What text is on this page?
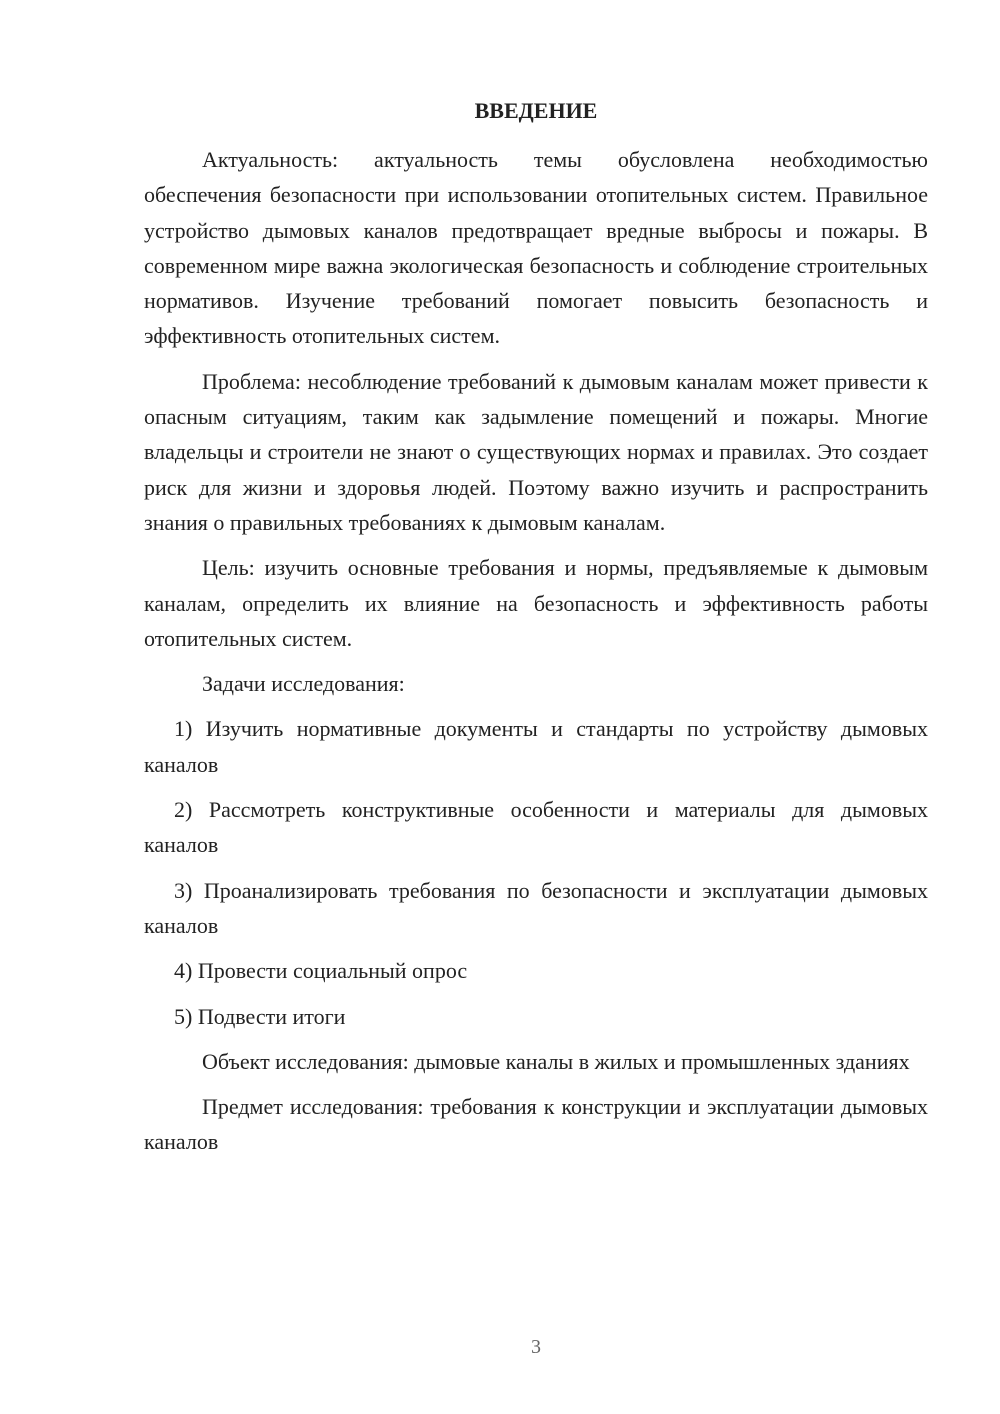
ВВЕДЕНИЕ

Актуальность: актуальность темы обусловлена необходимостью обеспечения безопасности при использовании отопительных систем. Правильное устройство дымовых каналов предотвращает вредные выбросы и пожары. В современном мире важна экологическая безопасность и соблюдение строительных нормативов. Изучение требований помогает повысить безопасность и эффективность отопительных систем.

Проблема: несоблюдение требований к дымовым каналам может привести к опасным ситуациям, таким как задымление помещений и пожары. Многие владельцы и строители не знают о существующих нормах и правилах. Это создает риск для жизни и здоровья людей. Поэтому важно изучить и распространить знания о правильных требованиях к дымовым каналам.

Цель: изучить основные требования и нормы, предъявляемые к дымовым каналам, определить их влияние на безопасность и эффективность работы отопительных систем.

Задачи исследования:

1) Изучить нормативные документы и стандарты по устройству дымовых каналов

2) Рассмотреть конструктивные особенности и материалы для дымовых каналов

3) Проанализировать требования по безопасности и эксплуатации дымовых каналов

4) Провести социальный опрос

5) Подвести итоги

Объект исследования: дымовые каналы в жилых и промышленных зданиях

Предмет исследования: требования к конструкции и эксплуатации дымовых каналов

3
